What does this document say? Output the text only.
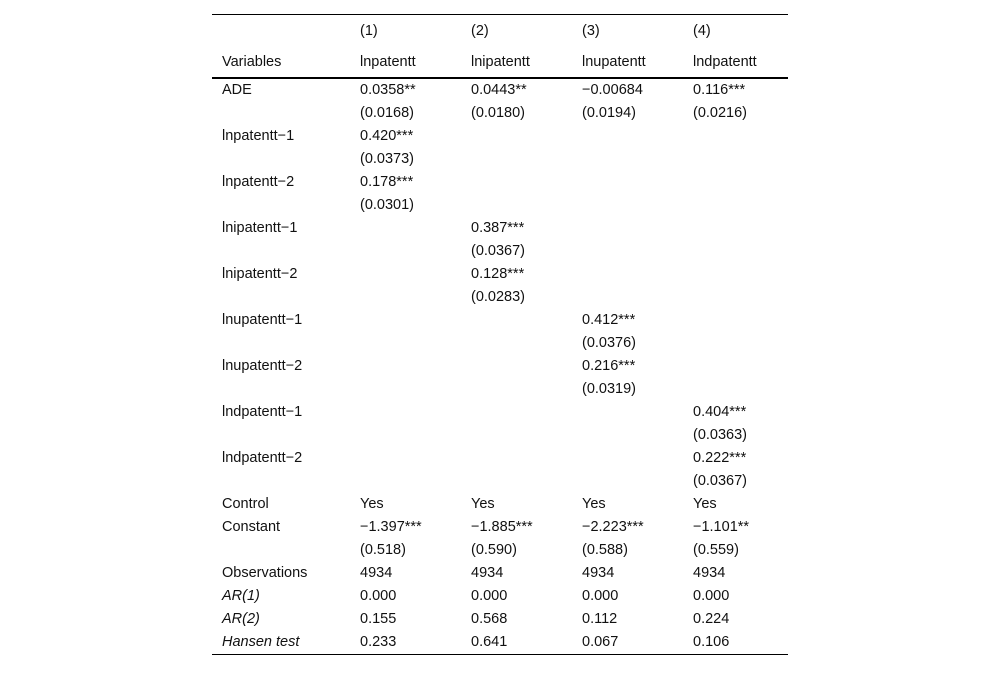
	(1)	(2)	(3)	(4)
Variables	lnpatentt	lnipatentt	lnupatentt	lndpatentt
ADE	0.0358**	0.0443**	−0.00684	0.116***
	(0.0168)	(0.0180)	(0.0194)	(0.0216)
lnpatentt−1	0.420***			
	(0.0373)			
lnpatentt−2	0.178***			
	(0.0301)			
lnipatentt−1		0.387***		
		(0.0367)		
lnipatentt−2		0.128***		
		(0.0283)		
lnupatentt−1			0.412***	
			(0.0376)	
lnupatentt−2			0.216***	
			(0.0319)	
lndpatentt−1				0.404***
				(0.0363)
lndpatentt−2				0.222***
				(0.0367)
Control	Yes	Yes	Yes	Yes
Constant	−1.397***	−1.885***	−2.223***	−1.101**
	(0.518)	(0.590)	(0.588)	(0.559)
Observations	4934	4934	4934	4934
AR(1)	0.000	0.000	0.000	0.000
AR(2)	0.155	0.568	0.112	0.224
Hansen test	0.233	0.641	0.067	0.106
